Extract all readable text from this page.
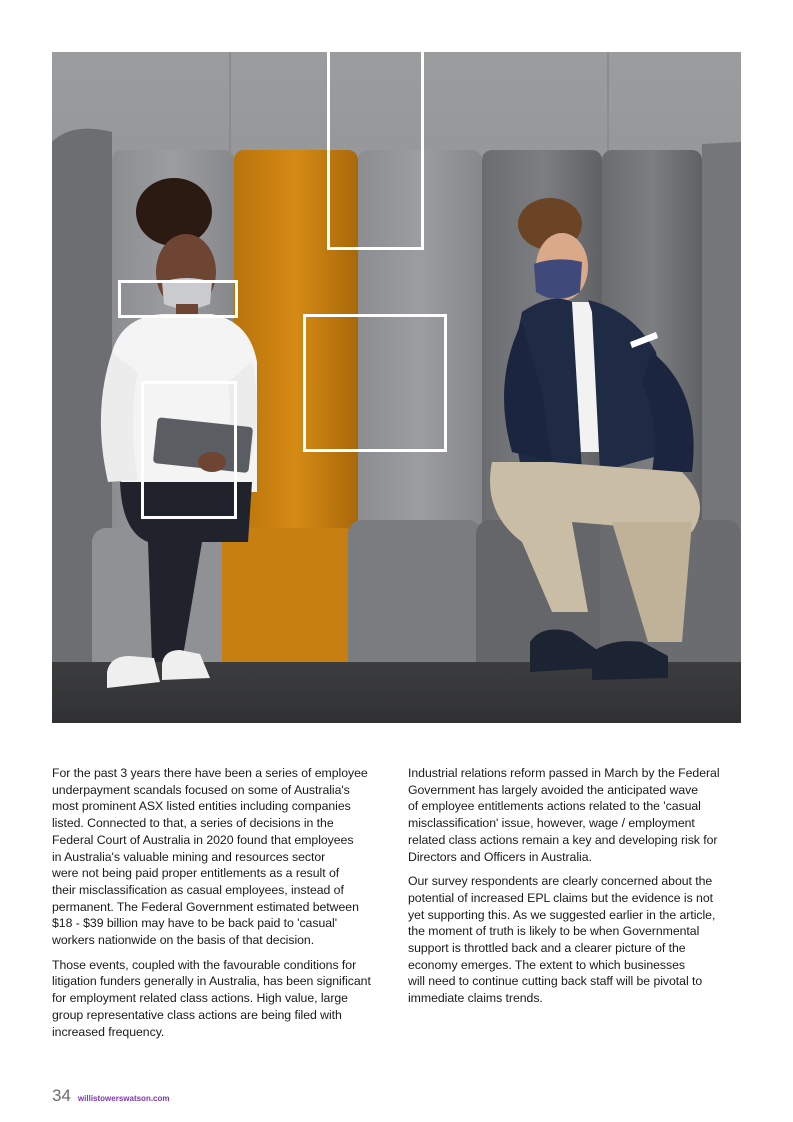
For the past 3 years there have been a series of employee
underpayment scandals focused on some of Australia's
most prominent ASX listed entities including companies
listed. Connected to that, a series of decisions in the
Federal Court of Australia in 2020 found that employees
in Australia's valuable mining and resources sector
were not being paid proper entitlements as a result of
their misclassification as casual employees, instead of
permanent. The Federal Government estimated between
$18 - $39 billion may have to be back paid to 'casual'
workers nationwide on the basis of that decision.

Those events, coupled with the favourable conditions for
litigation funders generally in Australia, has been significant
for employment related class actions. High value, large
group representative class actions are being filed with
increased frequency.

Industrial relations reform passed in March by the Federal
Government has largely avoided the anticipated wave
of employee entitlements actions related to the 'casual
misclassification' issue, however, wage / employment
related class actions remain a key and developing risk for
Directors and Officers in Australia.

Our survey respondents are clearly concerned about the
potential of increased EPL claims but the evidence is not
yet supporting this. As we suggested earlier in the article,
the moment of truth is likely to be when Governmental
support is throttled back and a clearer picture of the
economy emerges. The extent to which businesses
will need to continue cutting back staff will be pivotal to
immediate claims trends.

34 willistowerswatson.com
